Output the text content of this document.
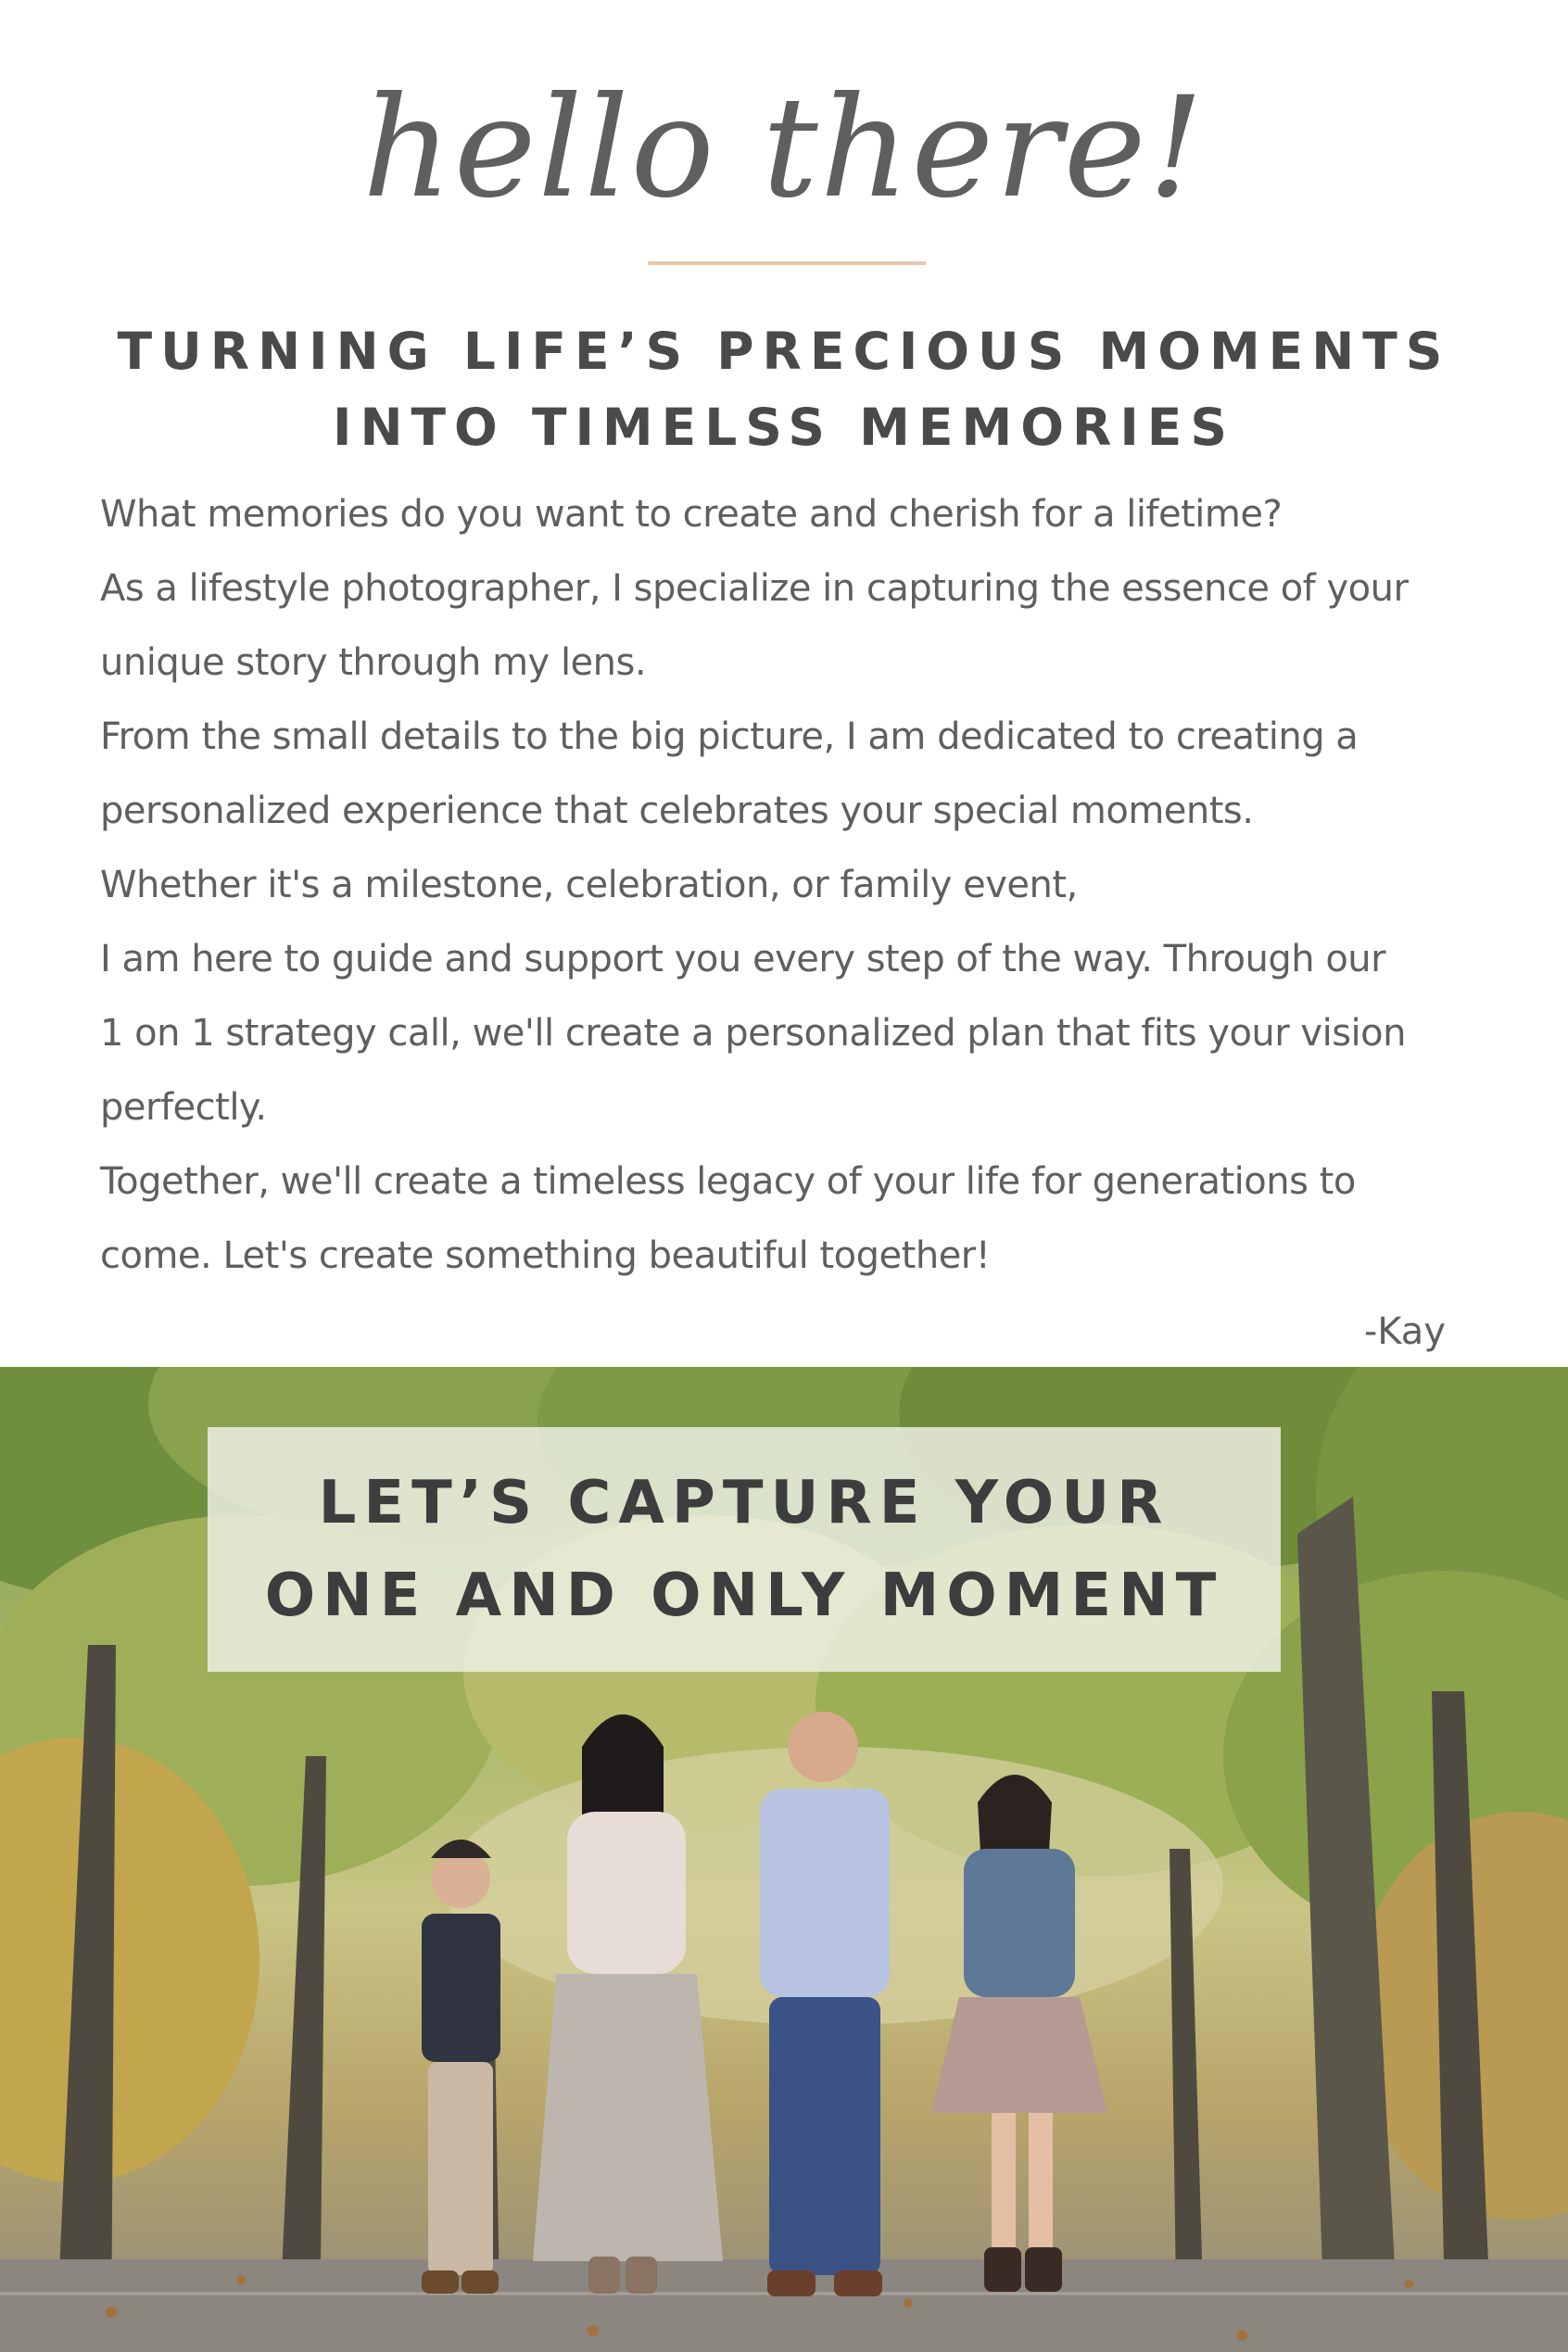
hello there!
TURNING LIFE’S PRECIOUS MOMENTS
INTO TIMELSS MEMORIES
What memories do you want to create and cherish for a lifetime?
As a lifestyle photographer, I specialize in capturing the essence of your
unique story through my lens.
From the small details to the big picture, I am dedicated to creating a
personalized experience that celebrates your special moments.
Whether it's a milestone, celebration, or family event,
I am here to guide and support you every step of the way. Through our
1 on 1 strategy call, we'll create a personalized plan that fits your vision
perfectly.
Together, we'll create a timeless legacy of your life for generations to
come. Let's create something beautiful together!
-Kay
LET’S CAPTURE YOUR
ONE AND ONLY MOMENT
